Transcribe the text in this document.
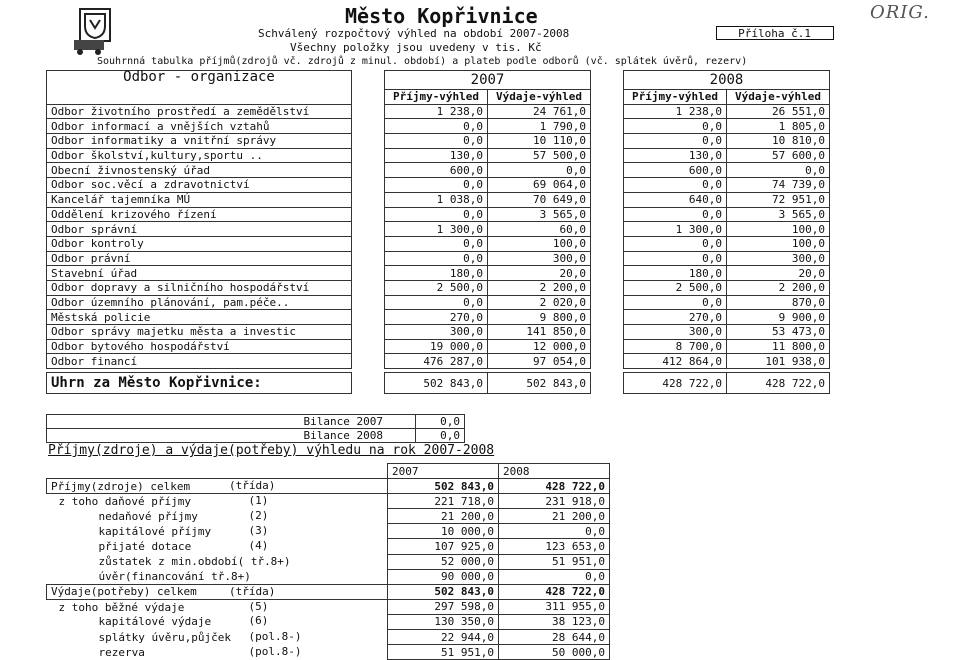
Město Kopřivnice
Schválený rozpočtový výhled na období 2007-2008
Všechny položky jsou uvedeny v tis. Kč
Souhrnná tabulka příjmů(zdrojů vč. zdrojů z minul. období) a plateb podle odborů (vč. splátek úvěrů, rezerv)
Příloha č.1
ORIG.
Odbor - organizace		2007			2008	
		Příjmy-výhled	Výdaje-výhled		Příjmy-výhled	Výdaje-výhled
Odbor životního prostředí a zemědělství		1 238,0	24 761,0		1 238,0	26 551,0
Odbor informací a vnějších vztahů		0,0	1 790,0		0,0	1 805,0
Odbor informatiky a vnitřní správy		0,0	10 110,0		0,0	10 810,0
Odbor školství,kultury,sportu ..		130,0	57 500,0		130,0	57 600,0
Obecní živnostenský úřad		600,0	0,0		600,0	0,0
Odbor soc.věcí a zdravotnictví		0,0	69 064,0		0,0	74 739,0
Kancelář tajemníka MÚ		1 038,0	70 649,0		640,0	72 951,0
Oddělení krizového řízení		0,0	3 565,0		0,0	3 565,0
Odbor správní		1 300,0	60,0		1 300,0	100,0
Odbor kontroly		0,0	100,0		0,0	100,0
Odbor právní		0,0	300,0		0,0	300,0
Stavební úřad		180,0	20,0		180,0	20,0
Odbor dopravy a silničního hospodářství		2 500,0	2 200,0		2 500,0	2 200,0
Odbor územního plánování, pam.péče..		0,0	2 020,0		0,0	870,0
Městská policie		270,0	9 800,0		270,0	9 900,0
Odbor správy majetku města a investic		300,0	141 850,0		300,0	53 473,0
Odbor bytového hospodářství		19 000,0	12 000,0		8 700,0	11 800,0
Odbor financí		476 287,0	97 054,0		412 864,0	101 938,0

Uhrn za Město Kopřivnice:		502 843,0	502 843,0		428 722,0	428 722,0
Bilance 2007	0,0
Bilance 2008	0,0
Příjmy(zdroje) a výdaje(potřeby) výhledu na rok 2007-2008
	2007	2008
Příjmy(zdroje) celkem (třída)	502 843,0	428 722,0
z toho daňové příjmy (1)	221 718,0	231 918,0
nedaňové příjmy (2)	21 200,0	21 200,0
kapitálové příjmy (3)	10 000,0	0,0
přijaté dotace (4)	107 925,0	123 653,0
zůstatek z min.období( tř.8+)	52 000,0	51 951,0
úvěr(financování tř.8+)	90 000,0	0,0
Výdaje(potřeby) celkem (třída)	502 843,0	428 722,0
z toho běžné výdaje (5)	297 598,0	311 955,0
kapitálové výdaje (6)	130 350,0	38 123,0
splátky úvěru,půjček (pol.8-)	22 944,0	28 644,0
rezerva (pol.8-)	51 951,0	50 000,0
